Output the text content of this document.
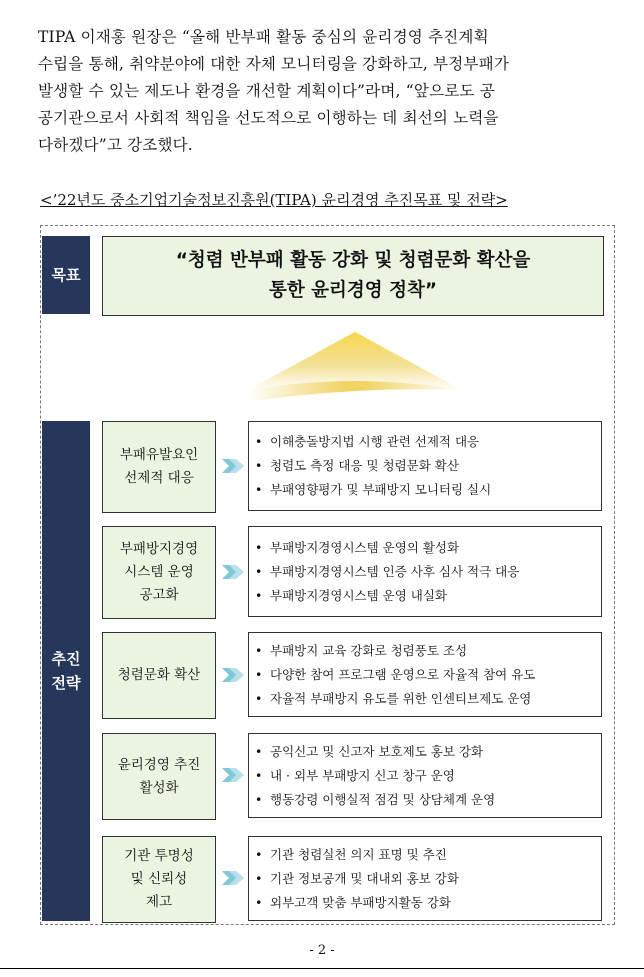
TIPA 이재홍 원장은 “올해 반부패 활동 중심의 윤리경영 추진계획
수립을 통해, 취약분야에 대한 자체 모니터링을 강화하고, 부정부패가
발생할 수 있는 제도나 환경을 개선할 계획이다”라며, “앞으로도 공
공기관으로서 사회적 책임을 선도적으로 이행하는 데 최선의 노력을
다하겠다”고 강조했다.
<’22년도 중소기업기술정보진흥원(TIPA) 윤리경영 추진목표 및 전략>
목표
“청렴 반부패 활동 강화 및 청렴문화 확산을
통한 윤리경영 정착”
추진
전략
부패유발요인
선제적 대응
• 이해충돌방지법 시행 관련 선제적 대응
• 청렴도 측정 대응 및 청렴문화 확산
• 부패영향평가 및 부패방지 모니터링 실시
부패방지경영
시스템 운영
공고화
• 부패방지경영시스템 운영의 활성화
• 부패방지경영시스템 인증 사후 심사 적극 대응
• 부패방지경영시스템 운영 내실화
청렴문화 확산
• 부패방지 교육 강화로 청렴풍토 조성
• 다양한 참여 프로그램 운영으로 자율적 참여 유도
• 자율적 부패방지 유도를 위한 인센티브제도 운영
윤리경영 추진
활성화
• 공익신고 및 신고자 보호제도 홍보 강화
• 내 · 외부 부패방지 신고 창구 운영
• 행동강령 이행실적 점검 및 상담체계 운영
기관 투명성
및 신뢰성
제고
• 기관 청렴실천 의지 표명 및 추진
• 기관 정보공개 및 대내외 홍보 강화
• 외부고객 맞춤 부패방지활동 강화
- 2 -
